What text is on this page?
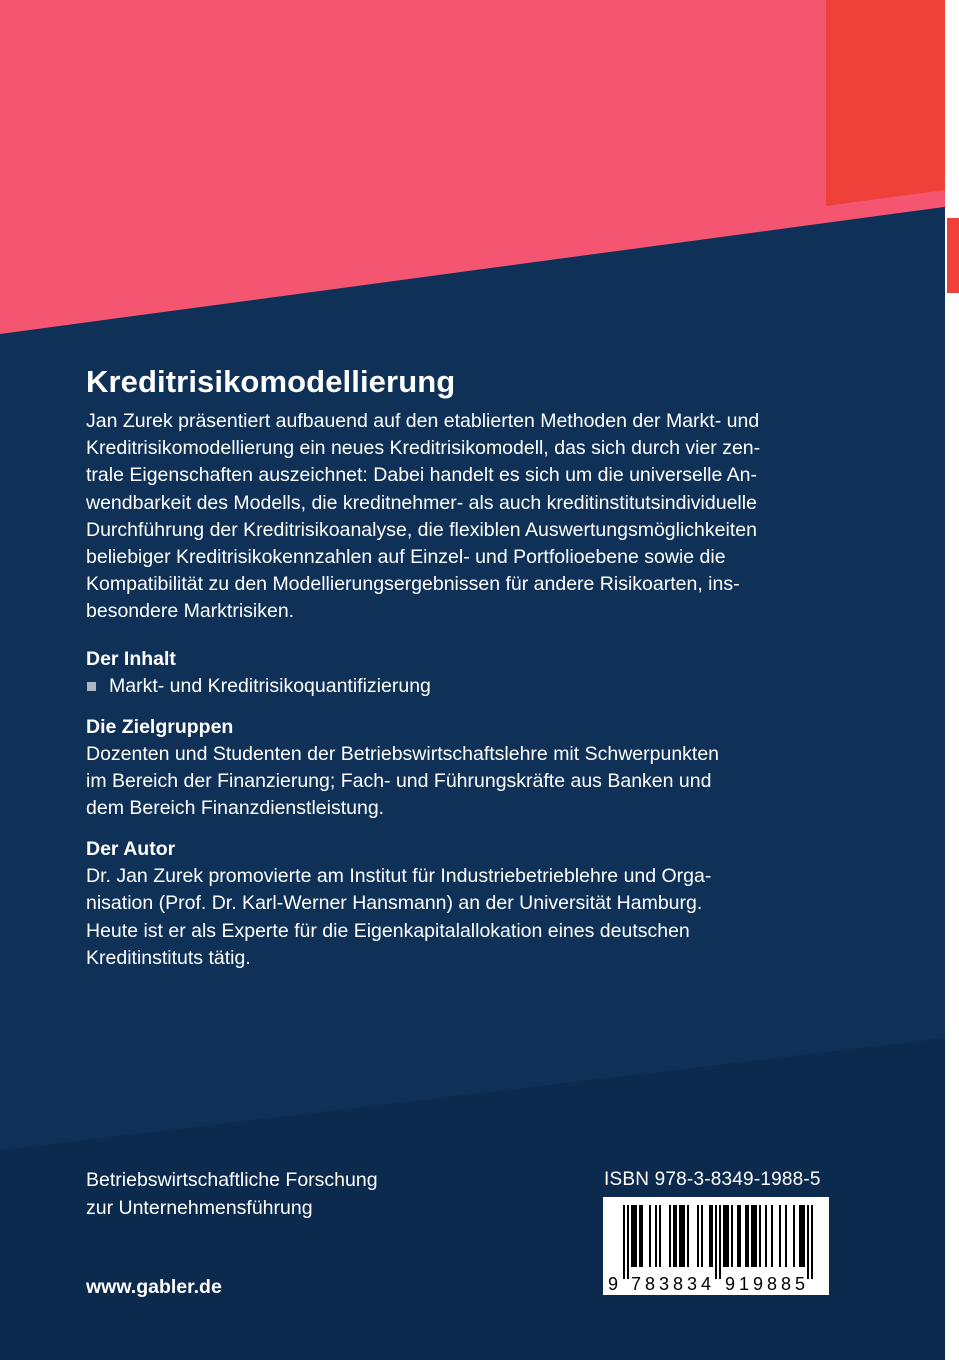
Kreditrisikomodellierung
Jan Zurek präsentiert aufbauend auf den etablierten Methoden der Markt- und
Kreditrisikomodellierung ein neues Kreditrisikomodell, das sich durch vier zen-
trale Eigenschaften auszeichnet: Dabei handelt es sich um die universelle An-
wendbarkeit des Modells, die kreditnehmer- als auch kreditinstitutsindividuelle
Durchführung der Kreditrisikoanalyse, die flexiblen Auswertungsmöglichkeiten
beliebiger Kreditrisikokennzahlen auf Einzel- und Portfolioebene sowie die
Kompatibilität zu den Modellierungsergebnissen für andere Risikoarten, ins-
besondere Marktrisiken.
Der Inhalt
Markt- und Kreditrisikoquantifizierung
Die Zielgruppen
Dozenten und Studenten der Betriebswirtschaftslehre mit Schwerpunkten
im Bereich der Finanzierung; Fach- und Führungskräfte aus Banken und
dem Bereich Finanzdienstleistung.
Der Autor
Dr. Jan Zurek promovierte am Institut für Industriebetrieblehre und Orga-
nisation (Prof. Dr. Karl-Werner Hansmann) an der Universität Hamburg.
Heute ist er als Experte für die Eigenkapitalallokation eines deutschen
Kreditinstituts tätig.
Betriebswirtschaftliche Forschung
zur Unternehmensführung
www.gabler.de
ISBN 978-3-8349-1988-5
9 7 8 3 8 3 4 9 1 9 8 8 5
